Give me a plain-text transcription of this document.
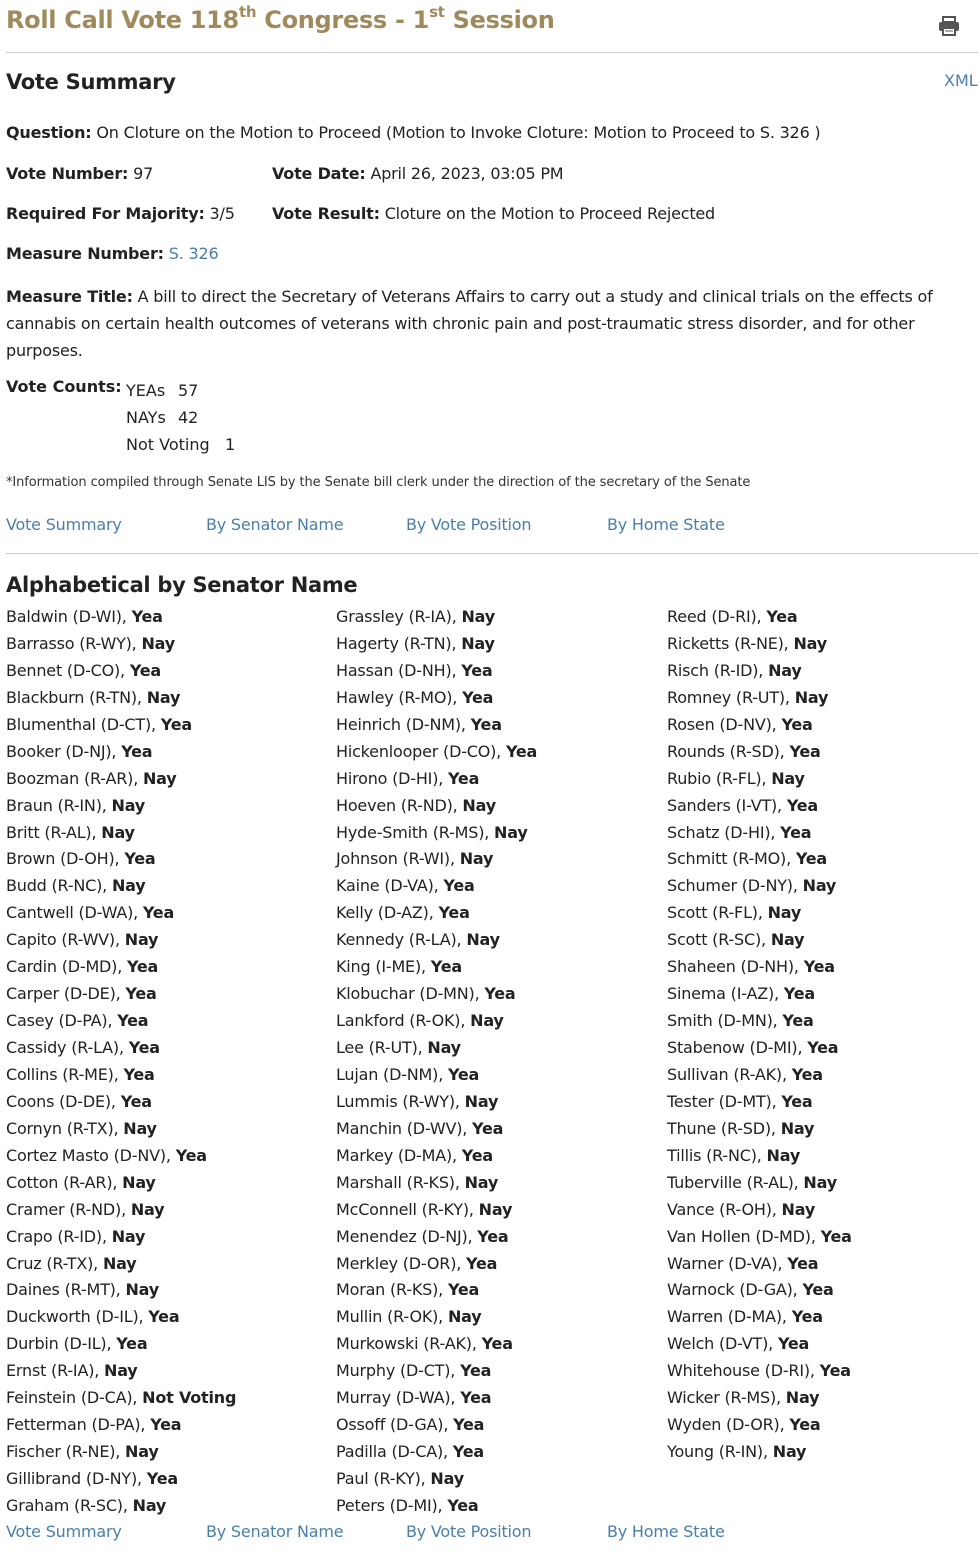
Roll Call Vote 118th Congress - 1st Session
Vote Summary	XML
Question: On Cloture on the Motion to Proceed (Motion to Invoke Cloture: Motion to Proceed to S. 326 )
Vote Number: 97	Vote Date: April 26, 2023, 03:05 PM
Required For Majority: 3/5 Vote Result: Cloture on the Motion to Proceed Rejected
Measure Number: S. 326
Measure Title: A bill to direct the Secretary of Veterans Affairs to carry out a study and clinical trials on the effects of cannabis on certain health outcomes of veterans with chronic pain and post-traumatic stress disorder, and for other purposes.
Vote Counts: YEAs 57
NAYs 42
Not Voting 1
*Information compiled through Senate LIS by the Senate bill clerk under the direction of the secretary of the Senate
Vote Summary	By Senator Name	By Vote Position	By Home State
Alphabetical by Senator Name
Baldwin (D-WI), Yea
Barrasso (R-WY), Nay
Bennet (D-CO), Yea
Blackburn (R-TN), Nay
Blumenthal (D-CT), Yea
Booker (D-NJ), Yea
Boozman (R-AR), Nay
Braun (R-IN), Nay
Britt (R-AL), Nay
Brown (D-OH), Yea
Budd (R-NC), Nay
Cantwell (D-WA), Yea
Capito (R-WV), Nay
Cardin (D-MD), Yea
Carper (D-DE), Yea
Casey (D-PA), Yea
Cassidy (R-LA), Yea
Collins (R-ME), Yea
Coons (D-DE), Yea
Cornyn (R-TX), Nay
Cortez Masto (D-NV), Yea
Cotton (R-AR), Nay
Cramer (R-ND), Nay
Crapo (R-ID), Nay
Cruz (R-TX), Nay
Daines (R-MT), Nay
Duckworth (D-IL), Yea
Durbin (D-IL), Yea
Ernst (R-IA), Nay
Feinstein (D-CA), Not Voting
Fetterman (D-PA), Yea
Fischer (R-NE), Nay
Gillibrand (D-NY), Yea
Graham (R-SC), Nay
Grassley (R-IA), Nay
Hagerty (R-TN), Nay
Hassan (D-NH), Yea
Hawley (R-MO), Yea
Heinrich (D-NM), Yea
Hickenlooper (D-CO), Yea
Hirono (D-HI), Yea
Hoeven (R-ND), Nay
Hyde-Smith (R-MS), Nay
Johnson (R-WI), Nay
Kaine (D-VA), Yea
Kelly (D-AZ), Yea
Kennedy (R-LA), Nay
King (I-ME), Yea
Klobuchar (D-MN), Yea
Lankford (R-OK), Nay
Lee (R-UT), Nay
Lujan (D-NM), Yea
Lummis (R-WY), Nay
Manchin (D-WV), Yea
Markey (D-MA), Yea
Marshall (R-KS), Nay
McConnell (R-KY), Nay
Menendez (D-NJ), Yea
Merkley (D-OR), Yea
Moran (R-KS), Yea
Mullin (R-OK), Nay
Murkowski (R-AK), Yea
Murphy (D-CT), Yea
Murray (D-WA), Yea
Ossoff (D-GA), Yea
Padilla (D-CA), Yea
Paul (R-KY), Nay
Peters (D-MI), Yea
Reed (D-RI), Yea
Ricketts (R-NE), Nay
Risch (R-ID), Nay
Romney (R-UT), Nay
Rosen (D-NV), Yea
Rounds (R-SD), Yea
Rubio (R-FL), Nay
Sanders (I-VT), Yea
Schatz (D-HI), Yea
Schmitt (R-MO), Yea
Schumer (D-NY), Nay
Scott (R-FL), Nay
Scott (R-SC), Nay
Shaheen (D-NH), Yea
Sinema (I-AZ), Yea
Smith (D-MN), Yea
Stabenow (D-MI), Yea
Sullivan (R-AK), Yea
Tester (D-MT), Yea
Thune (R-SD), Nay
Tillis (R-NC), Nay
Tuberville (R-AL), Nay
Vance (R-OH), Nay
Van Hollen (D-MD), Yea
Warner (D-VA), Yea
Warnock (D-GA), Yea
Warren (D-MA), Yea
Welch (D-VT), Yea
Whitehouse (D-RI), Yea
Wicker (R-MS), Nay
Wyden (D-OR), Yea
Young (R-IN), Nay
Vote Summary	By Senator Name	By Vote Position	By Home State
